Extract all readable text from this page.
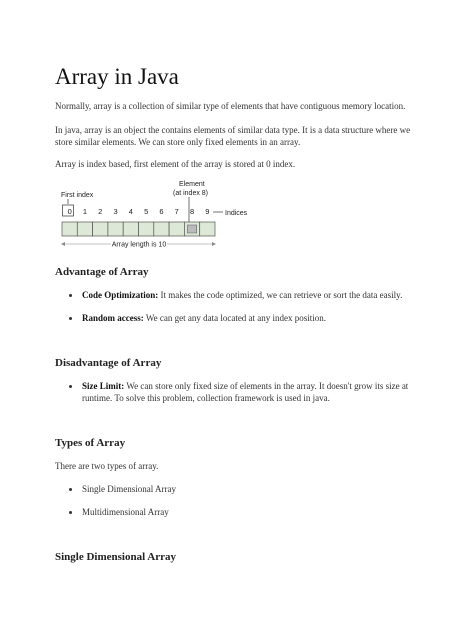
Array in Java

Normally, array is a collection of similar type of elements that have contiguous memory location.

In java, array is an object the contains elements of similar data type. It is a data structure where we store similar elements. We can store only fixed elements in an array.

Array is index based, first element of the array is stored at 0 index.

First index
Element
(at index 8)
Indices
0 1 2 3 4 5 6 7 8 9
Array length is 10
Advantage of Array
Code Optimization: It makes the code optimized, we can retrieve or sort the data easily.
Random access: We can get any data located at any index position.
Disadvantage of Array
Size Limit: We can store only fixed size of elements in the array. It doesn't grow its size at runtime. To solve this problem, collection framework is used in java.
Types of Array

There are two types of array.

Single Dimensional Array
Multidimensional Array
Single Dimensional Array
